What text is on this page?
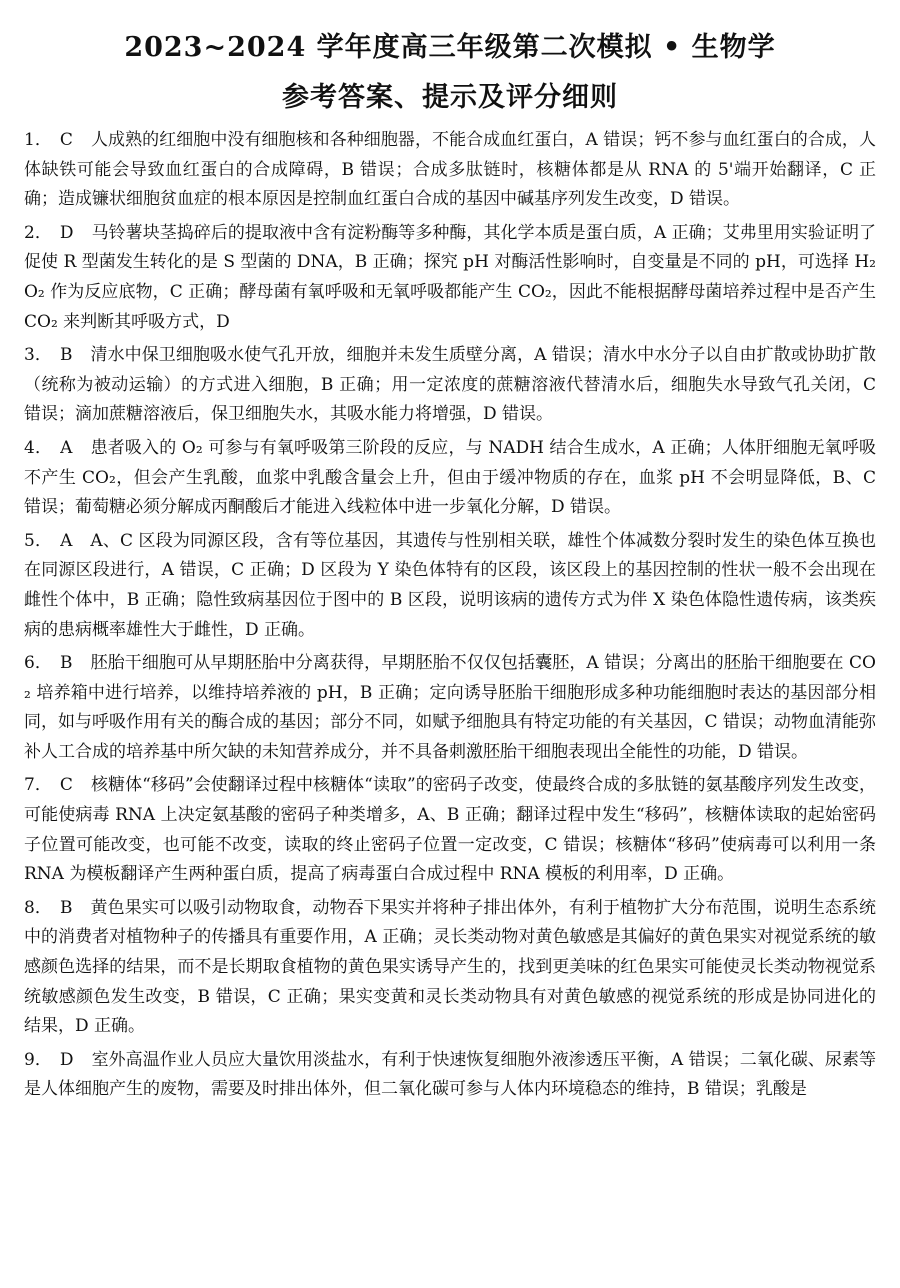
2023~2024 学年度高三年级第二次模拟 • 生物学
参考答案、提示及评分细则

1． C 人成熟的红细胞中没有细胞核和各种细胞器，不能合成血红蛋白，A 错误；钙不参与血红蛋白的合成，人体缺铁可能会导致血红蛋白的合成障碍，B 错误；合成多肽链时，核糖体都是从 RNA 的 5'端开始翻译，C 正确；造成镰状细胞贫血症的根本原因是控制血红蛋白合成的基因中碱基序列发生改变，D 错误。

2． D 马铃薯块茎捣碎后的提取液中含有淀粉酶等多种酶，其化学本质是蛋白质，A 正确；艾弗里用实验证明了促使 R 型菌发生转化的是 S 型菌的 DNA，B 正确；探究 pH 对酶活性影响时，自变量是不同的 pH，可选择 H₂O₂ 作为反应底物，C 正确；酵母菌有氧呼吸和无氧呼吸都能产生 CO₂，因此不能根据酵母菌培养过程中是否产生 CO₂ 来判断其呼吸方式，D

3． B 清水中保卫细胞吸水使气孔开放，细胞并未发生质壁分离，A 错误；清水中水分子以自由扩散或协助扩散（统称为被动运输）的方式进入细胞，B 正确；用一定浓度的蔗糖溶液代替清水后，细胞失水导致气孔关闭，C 错误；滴加蔗糖溶液后，保卫细胞失水，其吸水能力将增强，D 错误。

4． A 患者吸入的 O₂ 可参与有氧呼吸第三阶段的反应，与 NADH 结合生成水，A 正确；人体肝细胞无氧呼吸不产生 CO₂，但会产生乳酸，血浆中乳酸含量会上升，但由于缓冲物质的存在，血浆 pH 不会明显降低，B、C 错误；葡萄糖必须分解成丙酮酸后才能进入线粒体中进一步氧化分解，D 错误。

5． A A、C 区段为同源区段，含有等位基因，其遗传与性别相关联，雄性个体减数分裂时发生的染色体互换也在同源区段进行，A 错误，C 正确；D 区段为 Y 染色体特有的区段，该区段上的基因控制的性状一般不会出现在雌性个体中，B 正确；隐性致病基因位于图中的 B 区段，说明该病的遗传方式为伴 X 染色体隐性遗传病，该类疾病的患病概率雄性大于雌性，D 正确。

6． B 胚胎干细胞可从早期胚胎中分离获得，早期胚胎不仅仅包括囊胚，A 错误；分离出的胚胎干细胞要在 CO₂ 培养箱中进行培养，以维持培养液的 pH，B 正确；定向诱导胚胎干细胞形成多种功能细胞时表达的基因部分相同，如与呼吸作用有关的酶合成的基因；部分不同，如赋予细胞具有特定功能的有关基因，C 错误；动物血清能弥补人工合成的培养基中所欠缺的未知营养成分，并不具备刺激胚胎干细胞表现出全能性的功能，D 错误。

7． C 核糖体“移码”会使翻译过程中核糖体“读取”的密码子改变，使最终合成的多肽链的氨基酸序列发生改变，可能使病毒 RNA 上决定氨基酸的密码子种类增多，A、B 正确；翻译过程中发生“移码”，核糖体读取的起始密码子位置可能改变，也可能不改变，读取的终止密码子位置一定改变，C 错误；核糖体“移码”使病毒可以利用一条 RNA 为模板翻译产生两种蛋白质，提高了病毒蛋白合成过程中 RNA 模板的利用率，D 正确。

8． B 黄色果实可以吸引动物取食，动物吞下果实并将种子排出体外，有利于植物扩大分布范围，说明生态系统中的消费者对植物种子的传播具有重要作用，A 正确；灵长类动物对黄色敏感是其偏好的黄色果实对视觉系统的敏感颜色选择的结果，而不是长期取食植物的黄色果实诱导产生的，找到更美味的红色果实可能使灵长类动物视觉系统敏感颜色发生改变，B 错误，C 正确；果实变黄和灵长类动物具有对黄色敏感的视觉系统的形成是协同进化的结果，D 正确。

9． D 室外高温作业人员应大量饮用淡盐水，有利于快速恢复细胞外液渗透压平衡，A 错误；二氧化碳、尿素等是人体细胞产生的废物，需要及时排出体外，但二氧化碳可参与人体内环境稳态的维持，B 错误；乳酸是
